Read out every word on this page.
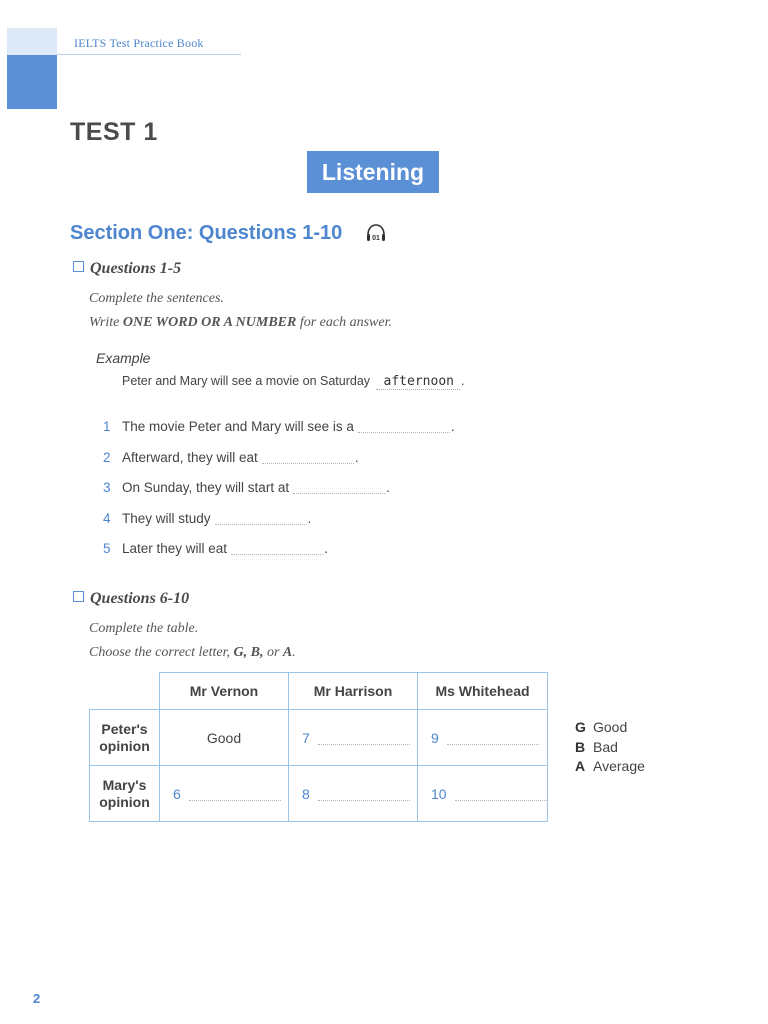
IELTS Test Practice Book
TEST 1
Listening
Section One: Questions 1-10	01
Questions 1-5
Complete the sentences.
Write ONE WORD OR A NUMBER for each answer.
Example
Peter and Mary will see a movie on Saturday afternoon .
1 The movie Peter and Mary will see is a	.
2 Afterward, they will eat	.
3 On Sunday, they will start at	.
4 They will study	.
5 Later they will eat	.
Questions 6-10
Complete the table.
Choose the correct letter, G, B, or A.
	Mr Vernon	Mr Harrison	Ms Whitehead
Peter's
opinion	Good	7	9

Mary's
opinion	6	8	10
G Good
B Bad
A Average
2
